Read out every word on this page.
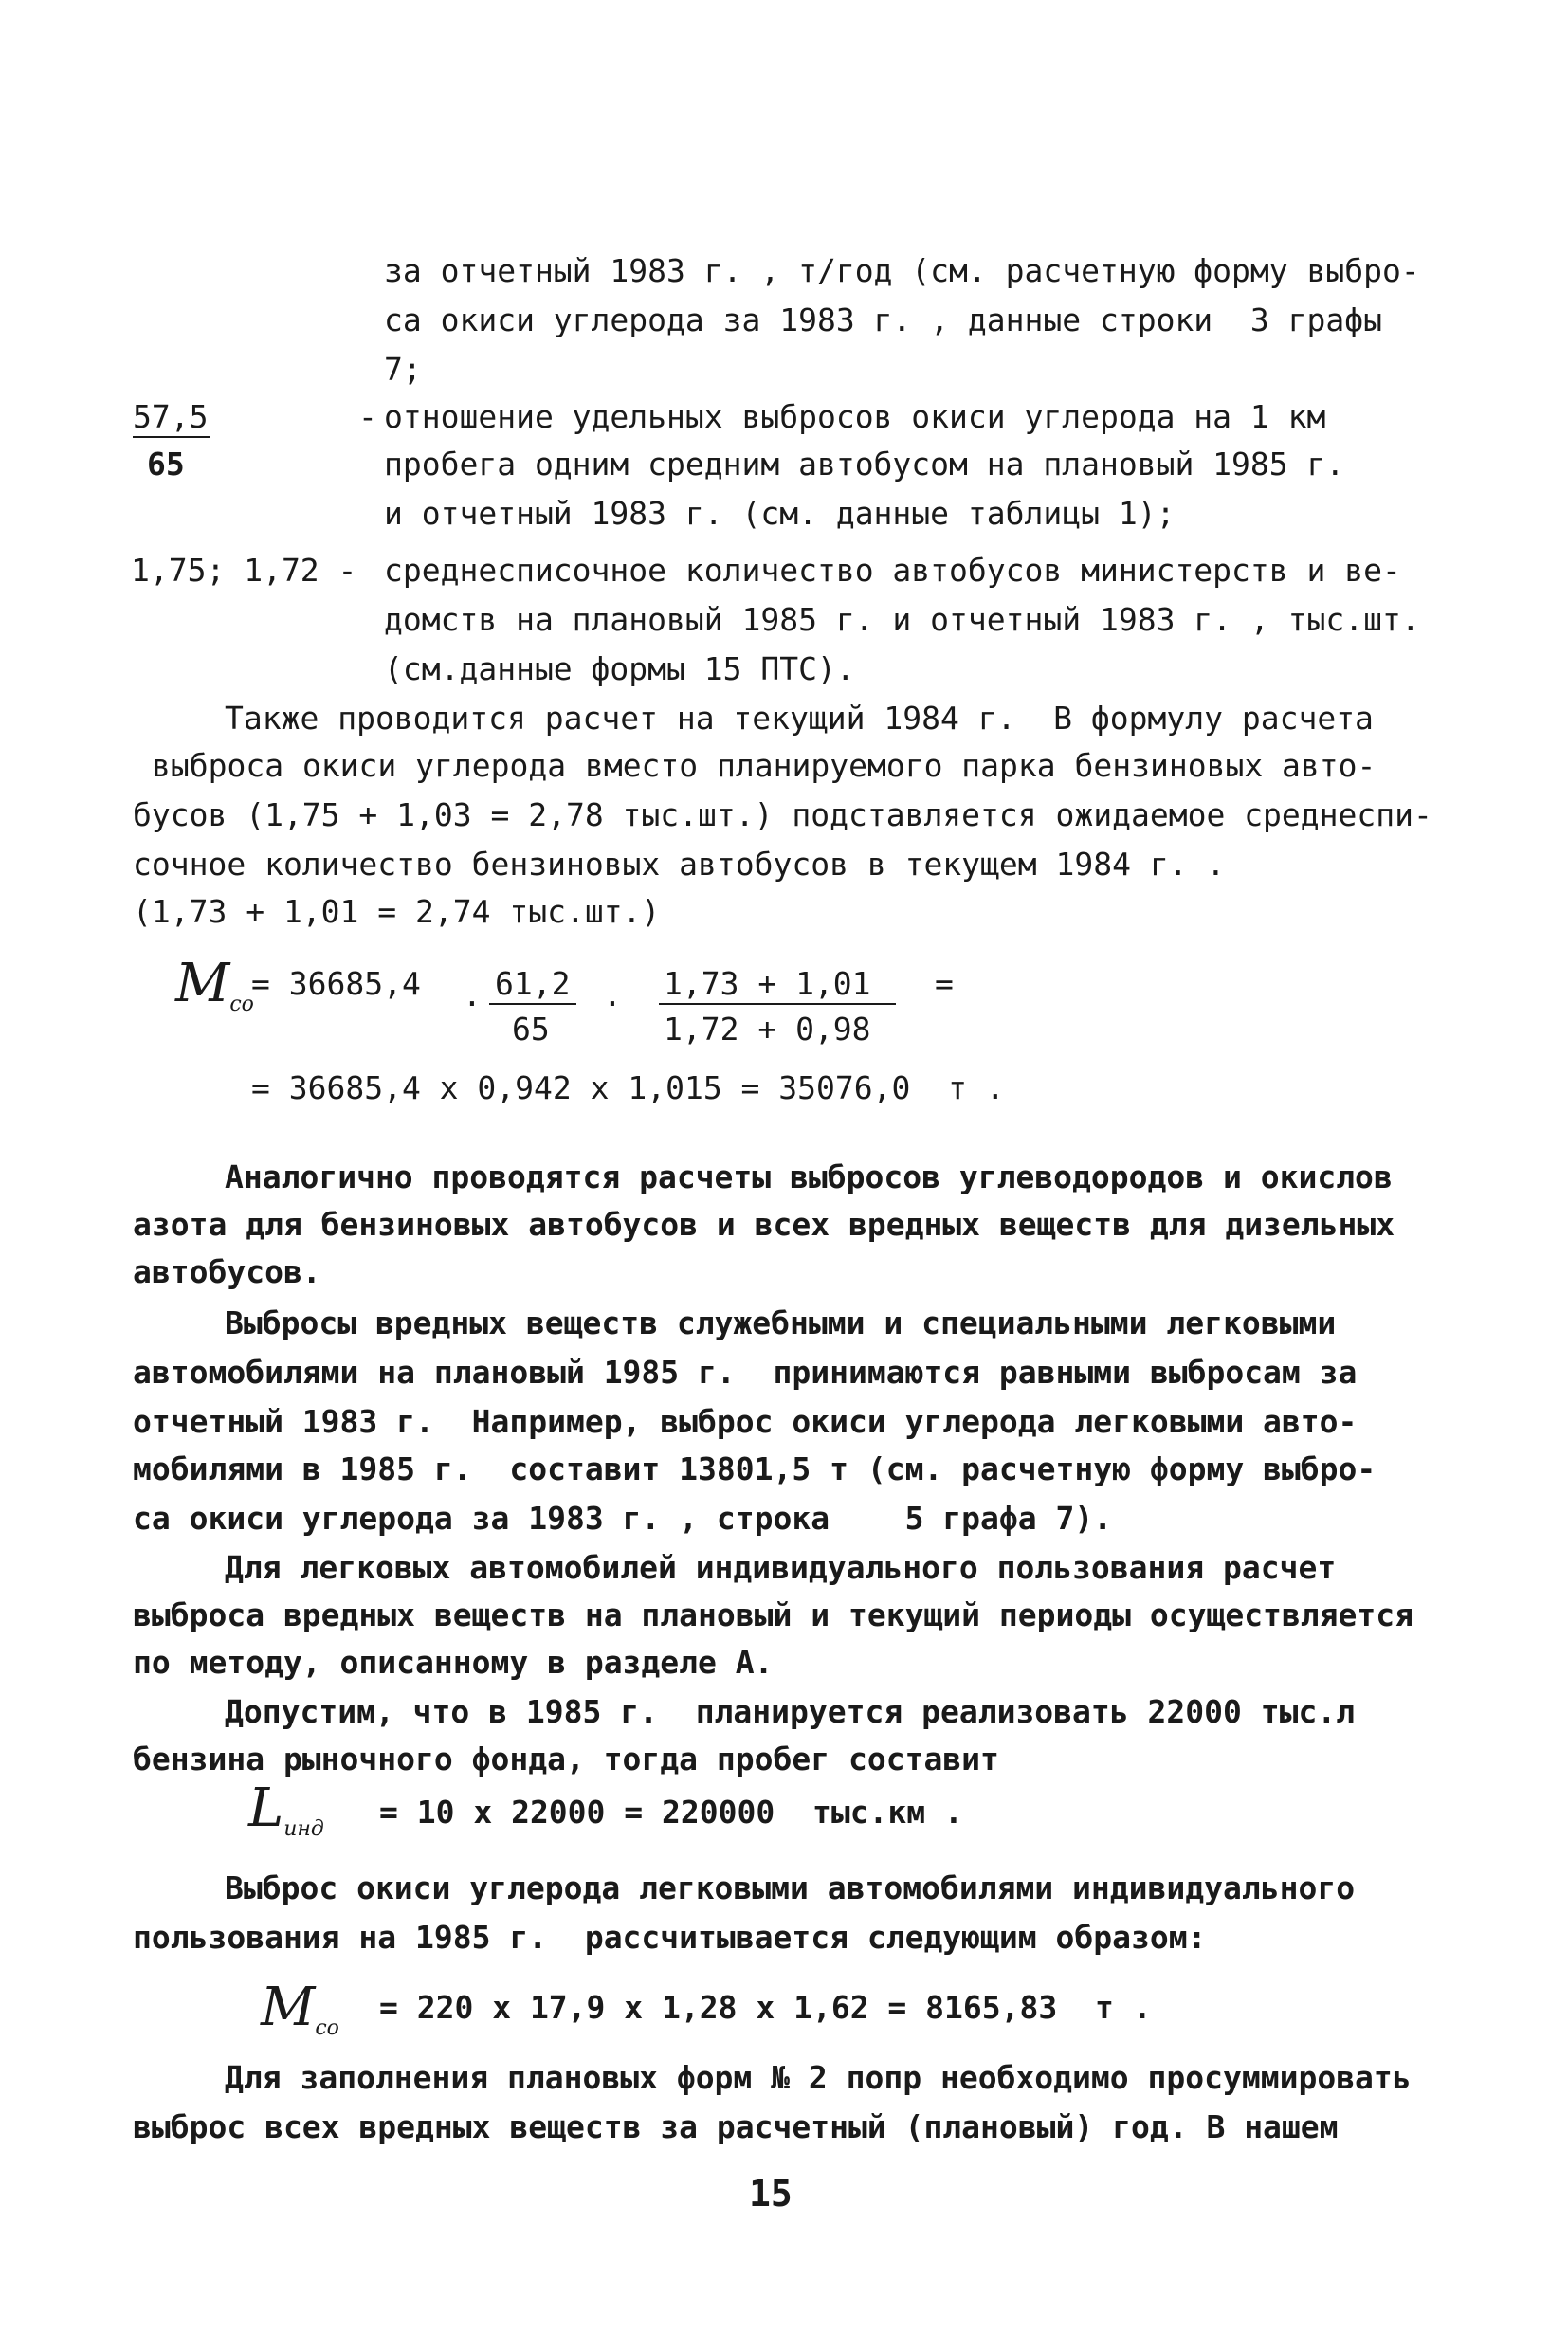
за отчетный 1983 г. , т/год (см. расчетную форму выбро-
са окиси углерода за 1983 г. , данные строки  3 графы
7;
57,5
65
- отношение удельных выбросов окиси углерода на 1 км
пробега одним средним автобусом на плановый 1985 г.
и отчетный 1983 г. (см. данные таблицы 1);
1,75; 1,72 - среднесписочное количество автобусов министерств и ве-
домств на плановый 1985 г. и отчетный 1983 г. , тыс.шт.
(см.данные формы 15 ПТС).
Также проводится расчет на текущий 1984 г.  В формулу расчета
выброса окиси углерода вместо планируемого парка бензиновых авто-
бусов (1,75 + 1,03 = 2,78 тыс.шт.) подставляется ожидаемое среднеспи-
сочное количество бензиновых автобусов в текущем 1984 г. .
(1,73 + 1,01 = 2,74 тыс.шт.)
$M_{co}$
= 36685,4 . 61,2
65
. 1,73 + 1,01
1,72 + 0,98
=
= 36685,4 x 0,942 x 1,015 = 35076,0  т .
Аналогично проводятся расчеты выбросов углеводородов и окислов
азота для бензиновых автобусов и всех вредных веществ для дизельных
автобусов.
Выбросы вредных веществ служебными и специальными легковыми
автомобилями на плановый 1985 г.  принимаются равными выбросам за
отчетный 1983 г.  Например, выброс окиси углерода легковыми авто-
мобилями в 1985 г.  составит 13801,5 т (см. расчетную форму выбро-
са окиси углерода за 1983 г. , строка    5 графа 7).
Для легковых автомобилей индивидуального пользования расчет
выброса вредных веществ на плановый и текущий периоды осуществляется
по методу, описанному в разделе А.
Допустим, что в 1985 г.  планируется реализовать 22000 тыс.л
бензина рыночного фонда, тогда пробег составит
$L_{инд} = 10$ x 22000 = 220000  тыс.км .
Выброс окиси углерода легковыми автомобилями индивидуального
пользования на 1985 г.  рассчитывается следующим образом:
$M_{co}$
= 220 x 17,9 x 1,28 x 1,62 = 8165,83  т .
Для заполнения плановых форм № 2 попр необходимо просуммировать
выброс всех вредных веществ за расчетный (плановый) год. В нашем
15
